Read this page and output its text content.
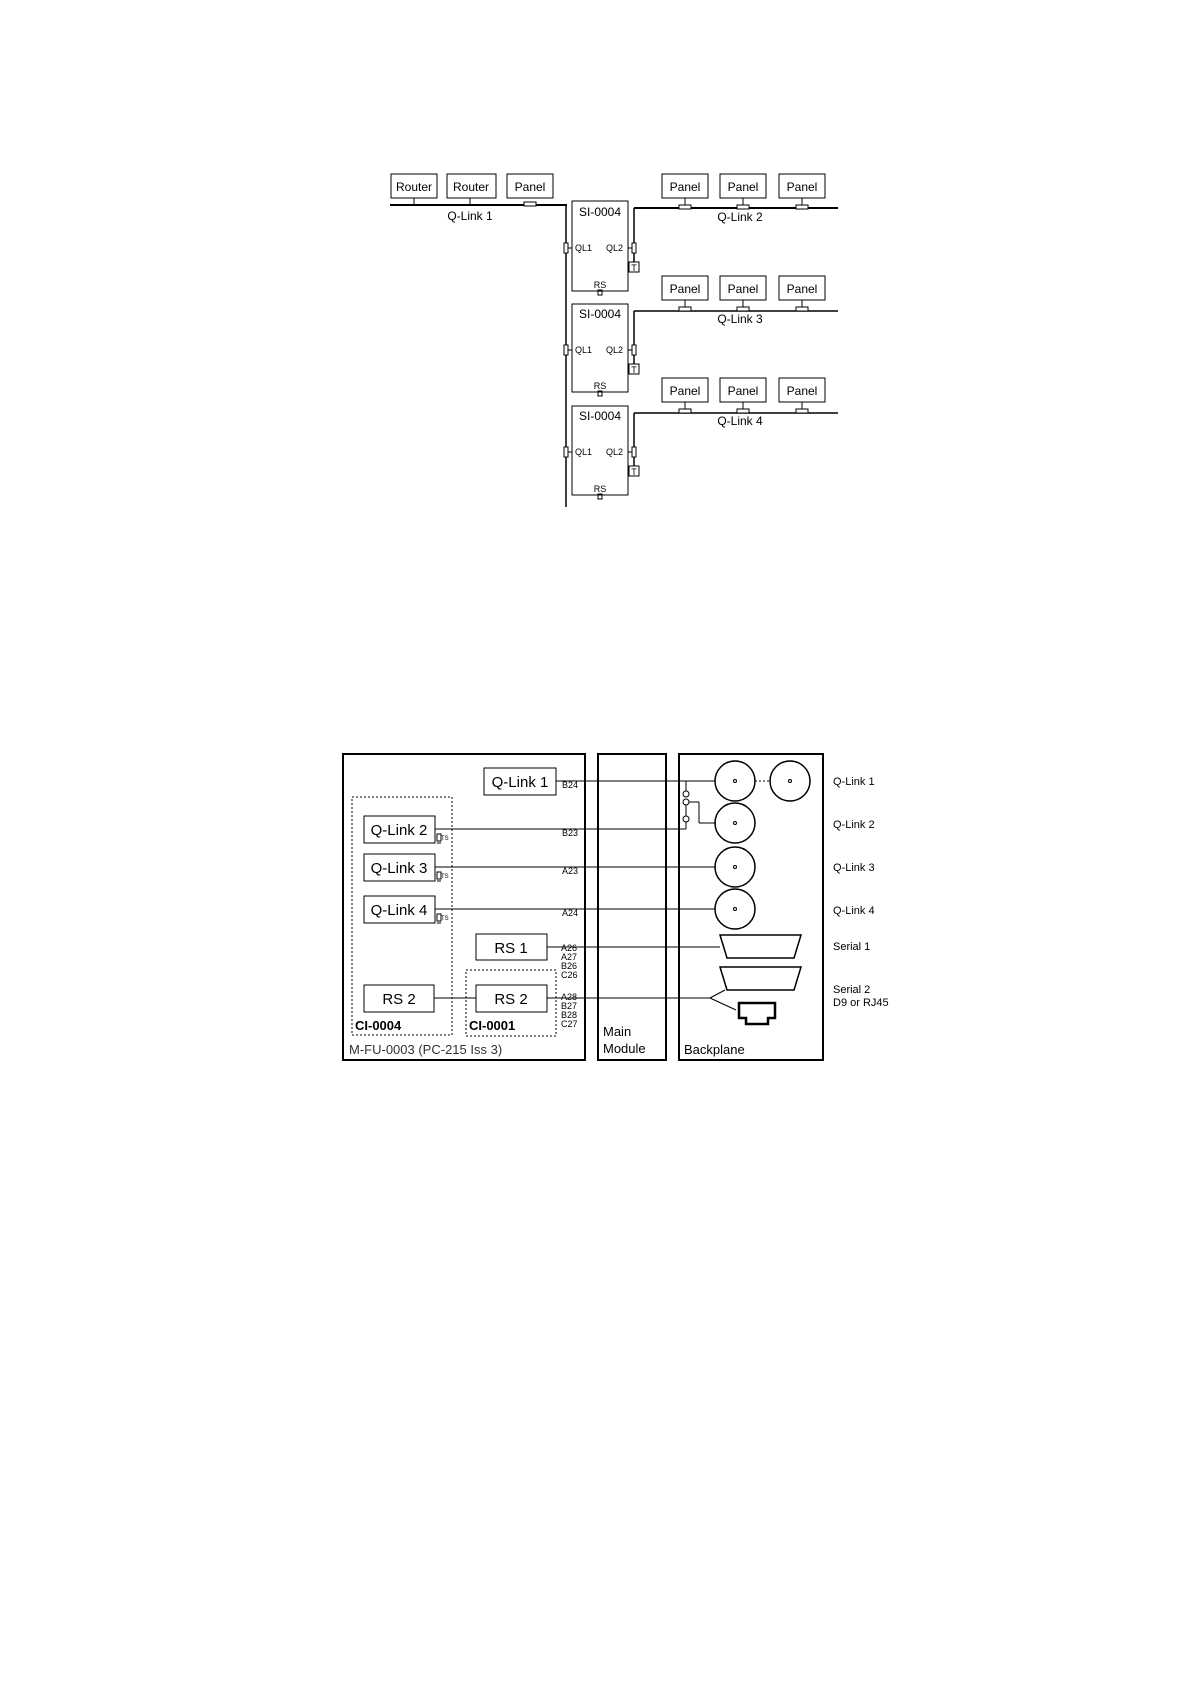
Router Router Panel
Q-Link 1	SI-0004
QL1 QL2
RS
T
SI-0004
QL1 QL2
RS
T
SI-0004
QL1 QL2
RS
T
Panel Panel Panel
Q-Link 2
Panel Panel Panel
Q-Link 3
Panel Panel Panel
Q-Link 4
Q-Link 1
Q-Link 2
Q-Link 3
Q-Link 4
RS 1
RS 2	RS 2
TS
TS
TS
B24
B23
A23
A24
A26
A27
B26
C26
A28
B27
B28
C27
CI-0004	CI-0001
M-FU-0003 (PC-215 Iss 3)
Main
Module	Backplane
Q-Link 1
Q-Link 2
Q-Link 3
Q-Link 4
Serial 1
Serial 2
D9 or RJ45
